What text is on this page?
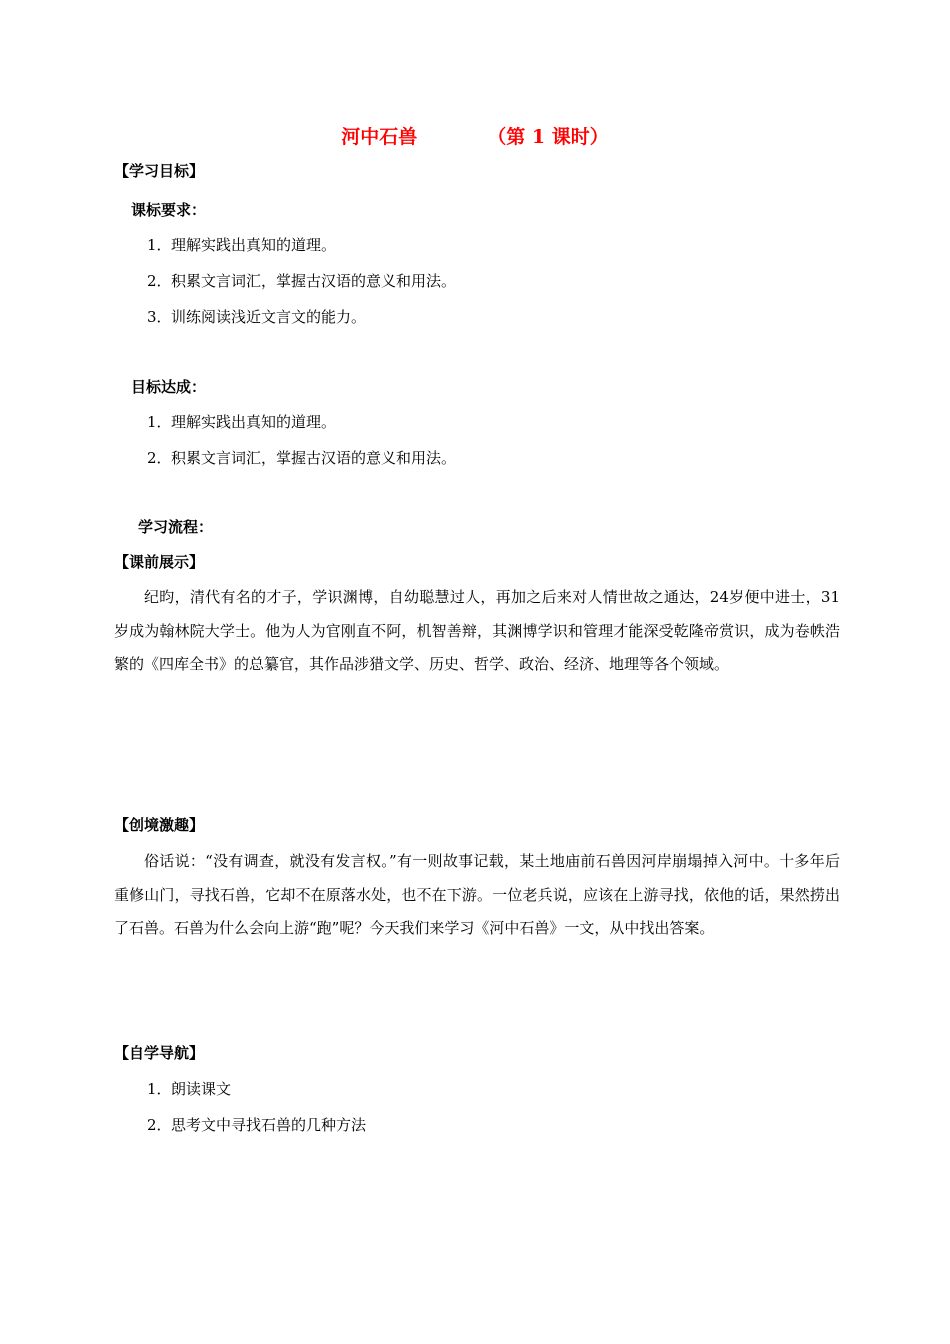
河中石兽	（第 1 课时）
【学习目标】
课标要求：
1．理解实践出真知的道理。
2．积累文言词汇，掌握古汉语的意义和用法。
3．训练阅读浅近文言文的能力。
目标达成：
1．理解实践出真知的道理。
2．积累文言词汇，掌握古汉语的意义和用法。
学习流程：
【课前展示】
纪昀，清代有名的才子，学识渊博，自幼聪慧过人，再加之后来对人情世故之通达，24岁便中进士，31岁成为翰林院大学士。他为人为官刚直不阿，机智善辩，其渊博学识和管理才能深受乾隆帝赏识，成为卷帙浩繁的《四库全书》的总纂官，其作品涉猎文学、历史、哲学、政治、经济、地理等各个领域。
【创境激趣】
俗话说：“没有调查，就没有发言权。”有一则故事记载，某土地庙前石兽因河岸崩塌掉入河中。十多年后重修山门，寻找石兽，它却不在原落水处，也不在下游。一位老兵说，应该在上游寻找，依他的话，果然捞出了石兽。石兽为什么会向上游“跑”呢？今天我们来学习《河中石兽》一文，从中找出答案。
【自学导航】
1．朗读课文
2．思考文中寻找石兽的几种方法
